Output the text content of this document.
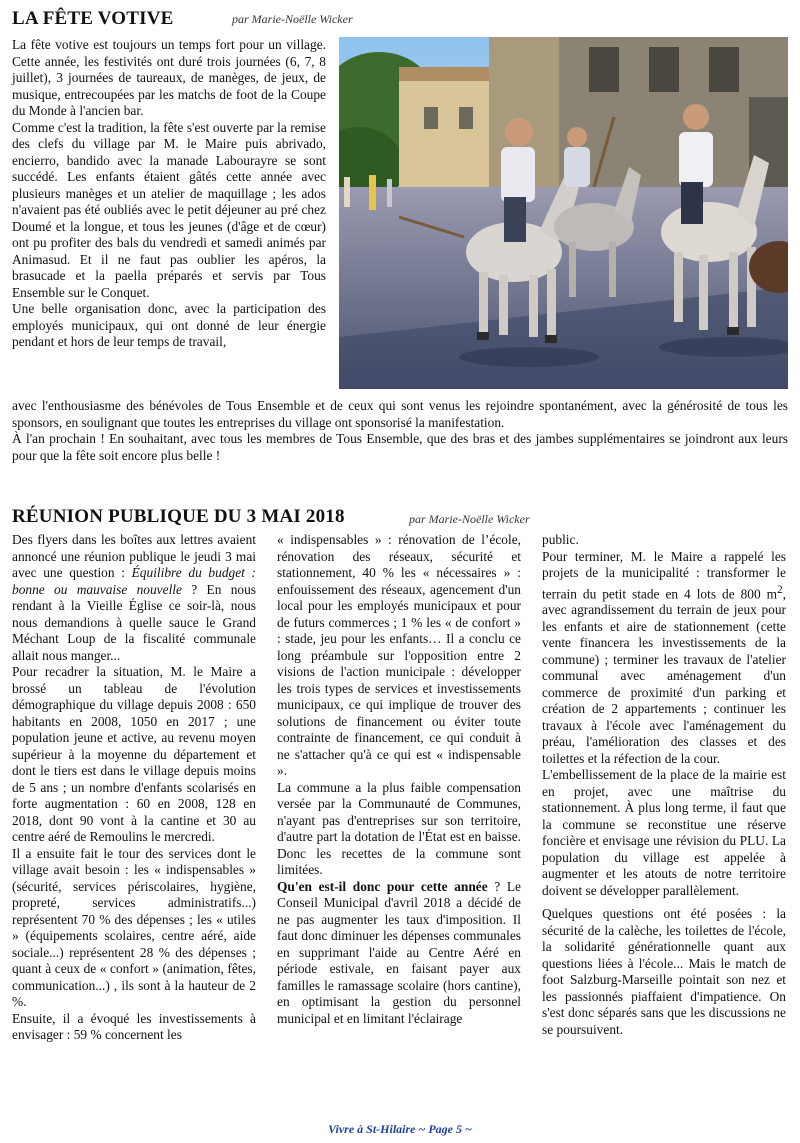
LA FÊTE VOTIVE	par Marie-Noëlle Wicker

La fête votive est toujours un temps fort pour un village. Cette année, les festivités ont duré trois journées (6, 7, 8 juillet), 3 journées de taureaux, de manèges, de jeux, de musique, entrecoupées par les matchs de foot de la Coupe du Monde à l'ancien bar.

Comme c'est la tradition, la fête s'est ouverte par la remise des clefs du village par M. le Maire puis abrivado, encierro, bandido avec la manade Labourayre se sont succédé. Les enfants étaient gâtés cette année avec plusieurs manèges et un atelier de maquillage ; les ados n'avaient pas été oubliés avec le petit déjeuner au pré chez Doumé et la longue, et tous les jeunes (d'âge et de cœur) ont pu profiter des bals du vendredi et samedi animés par Animasud. Et il ne faut pas oublier les apéros, la brasucade et la paella préparés et servis par Tous Ensemble sur le Conquet.

Une belle organisation donc, avec la participation des employés municipaux, qui ont donné de leur énergie pendant et hors de leur temps de travail,

avec l'enthousiasme des bénévoles de Tous Ensemble et de ceux qui sont venus les rejoindre spontanément, avec la générosité de tous les sponsors, en soulignant que toutes les entreprises du village ont sponsorisé la manifestation.

À l'an prochain ! En souhaitant, avec tous les membres de Tous Ensemble, que des bras et des jambes supplémentaires se joindront aux leurs pour que la fête soit encore plus belle !

RÉUNION PUBLIQUE DU 3 MAI 2018	par Marie-Noëlle Wicker

Des flyers dans les boîtes aux lettres avaient annoncé une réunion publique le jeudi 3 mai avec une question : Équilibre du budget : bonne ou mauvaise nouvelle ? En nous rendant à la Vieille Église ce soir-là, nous nous demandions à quelle sauce le Grand Méchant Loup de la fiscalité communale allait nous manger...

Pour recadrer la situation, M. le Maire a brossé un tableau de l'évolution démographique du village depuis 2008 : 650 habitants en 2008, 1050 en 2017 ; une population jeune et active, au revenu moyen supérieur à la moyenne du département et dont le tiers est dans le village depuis moins de 5 ans ; un nombre d'enfants scolarisés en forte augmentation : 60 en 2008, 128 en 2018, dont 90 vont à la cantine et 30 au centre aéré de Remoulins le mercredi.

Il a ensuite fait le tour des services dont le village avait besoin : les « indispensables » (sécurité, services périscolaires, hygiène, propreté, services administratifs...) représentent 70 % des dépenses ; les « utiles » (équipements scolaires, centre aéré, aide sociale...) représentent 28 % des dépenses ; quant à ceux de « confort » (animation, fêtes, communication...) , ils sont à la hauteur de 2 %.

Ensuite, il a évoqué les investissements à envisager : 59 % concernent les

« indispensables » : rénovation de l’école, rénovation des réseaux, sécurité et stationnement, 40 % les « nécessaires » : enfouissement des réseaux, agencement d'un local pour les employés municipaux et pour de futurs commerces ; 1 % les « de confort » : stade, jeu pour les enfants… Il a conclu ce long préambule sur l'opposition entre 2 visions de l'action municipale : développer les trois types de services et investissements municipaux, ce qui implique de trouver des solutions de financement ou éviter toute contrainte de financement, ce qui conduit à ne s'attacher qu'à ce qui est « indispensable ».

La commune a la plus faible compensation versée par la Communauté de Communes, n'ayant pas d'entreprises sur son territoire, d'autre part la dotation de l'État est en baisse. Donc les recettes de la commune sont limitées.

Qu'en est-il donc pour cette année ? Le Conseil Municipal d'avril 2018 a décidé de ne pas augmenter les taux d'imposition. Il faut donc diminuer les dépenses communales en supprimant l'aide au Centre Aéré en période estivale, en faisant payer aux familles le ramassage scolaire (hors cantine), en optimisant la gestion du personnel municipal et en limitant l'éclairage

public.

Pour terminer, M. le Maire a rappelé les projets de la municipalité : transformer le terrain du petit stade en 4 lots de 800 $m^2$, avec agrandissement du terrain de jeux pour les enfants et aire de stationnement (cette vente financera les investissements de la commune) ; terminer les travaux de l'atelier communal avec aménagement d'un commerce de proximité d'un parking et création de 2 appartements ; continuer les travaux à l'école avec l'aménagement du préau, l'amélioration des classes et des toilettes et la réfection de la cour.

L'embellissement de la place de la mairie est en projet, avec une maîtrise du stationnement. À plus long terme, il faut que la commune se reconstitue une réserve foncière et envisage une révision du PLU. La population du village est appelée à augmenter et les atouts de notre territoire doivent se développer parallèlement.

Quelques questions ont été posées : la sécurité de la calèche, les toilettes de l'école, la solidarité générationnelle quant aux questions liées à l'école... Mais le match de foot Salzburg-Marseille pointait son nez et les passionnés piaffaient d'impatience. On s'est donc séparés sans que les discussions ne se poursuivent.

Vivre à St-Hilaire ~ Page 5 ~
